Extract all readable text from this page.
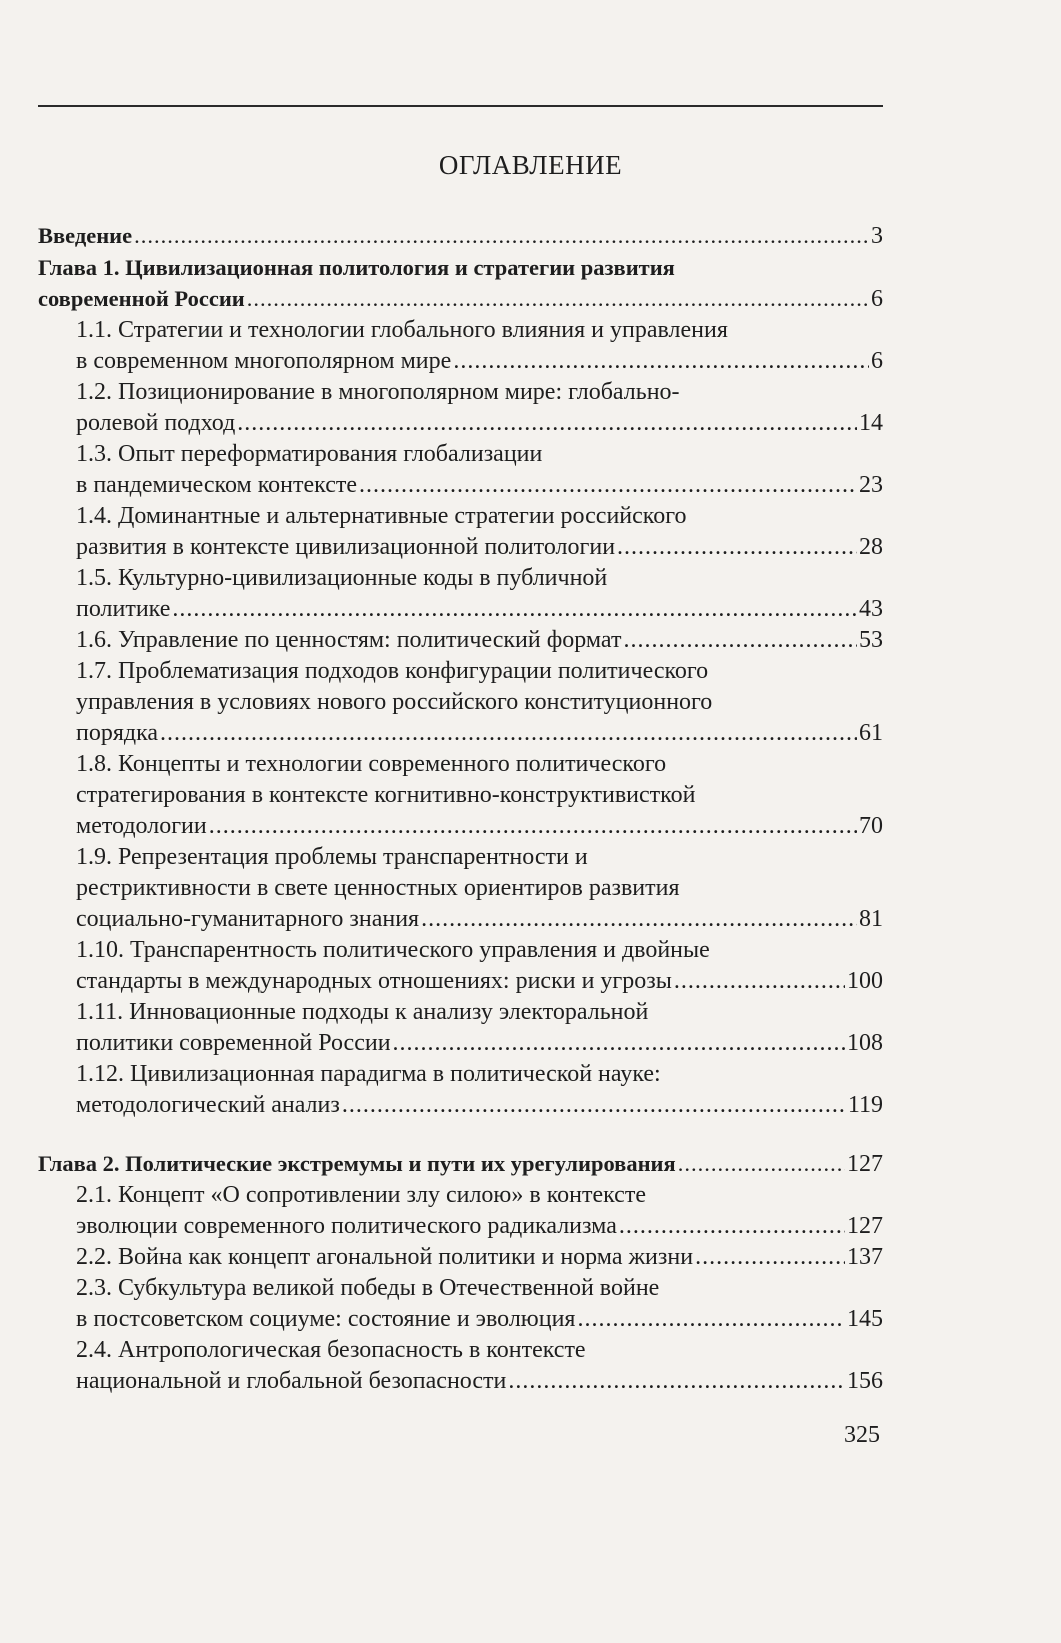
ОГЛАВЛЕНИЕ
Введение .....	3
Глава 1. Цивилизационная политология и стратегии развития
современной России .....	6
1.1. Стратегии и технологии глобального влияния и управления
в современном многополярном мире .....	6
1.2. Позиционирование в многополярном мире: глобально-
ролевой подход .....	14
1.3. Опыт переформатирования глобализации
в пандемическом контексте .....	23
1.4. Доминантные и альтернативные стратегии российского
развития в контексте цивилизационной политологии .....	28
1.5. Культурно-цивилизационные коды в публичной
политике .....	43
1.6. Управление по ценностям: политический формат .....	53
1.7. Проблематизация подходов конфигурации политического
управления в условиях нового российского конституционного
порядка .....	61
1.8. Концепты и технологии современного политического
стратегирования в контексте когнитивно-конструктивисткой
методологии .....	70
1.9. Репрезентация проблемы транспарентности и
рестриктивности в свете ценностных ориентиров развития
социально-гуманитарного знания .....	81
1.10. Транспарентность политического управления и двойные
стандарты в международных отношениях: риски и угрозы .....	100
1.11. Инновационные подходы к анализу электоральной
политики современной России .....	108
1.12. Цивилизационная парадигма в политической науке:
методологический анализ .....	119
Глава 2. Политические экстремумы и пути их урегулирования .....	127
2.1. Концепт «О сопротивлении злу силою» в контексте
эволюции современного политического радикализма .....	127
2.2. Война как концепт агональной политики и норма жизни .....	137
2.3. Субкультура великой победы в Отечественной войне
в постсоветском социуме: состояние и эволюция .....	145
2.4. Антропологическая безопасность в контексте
национальной и глобальной безопасности .....	156
325
